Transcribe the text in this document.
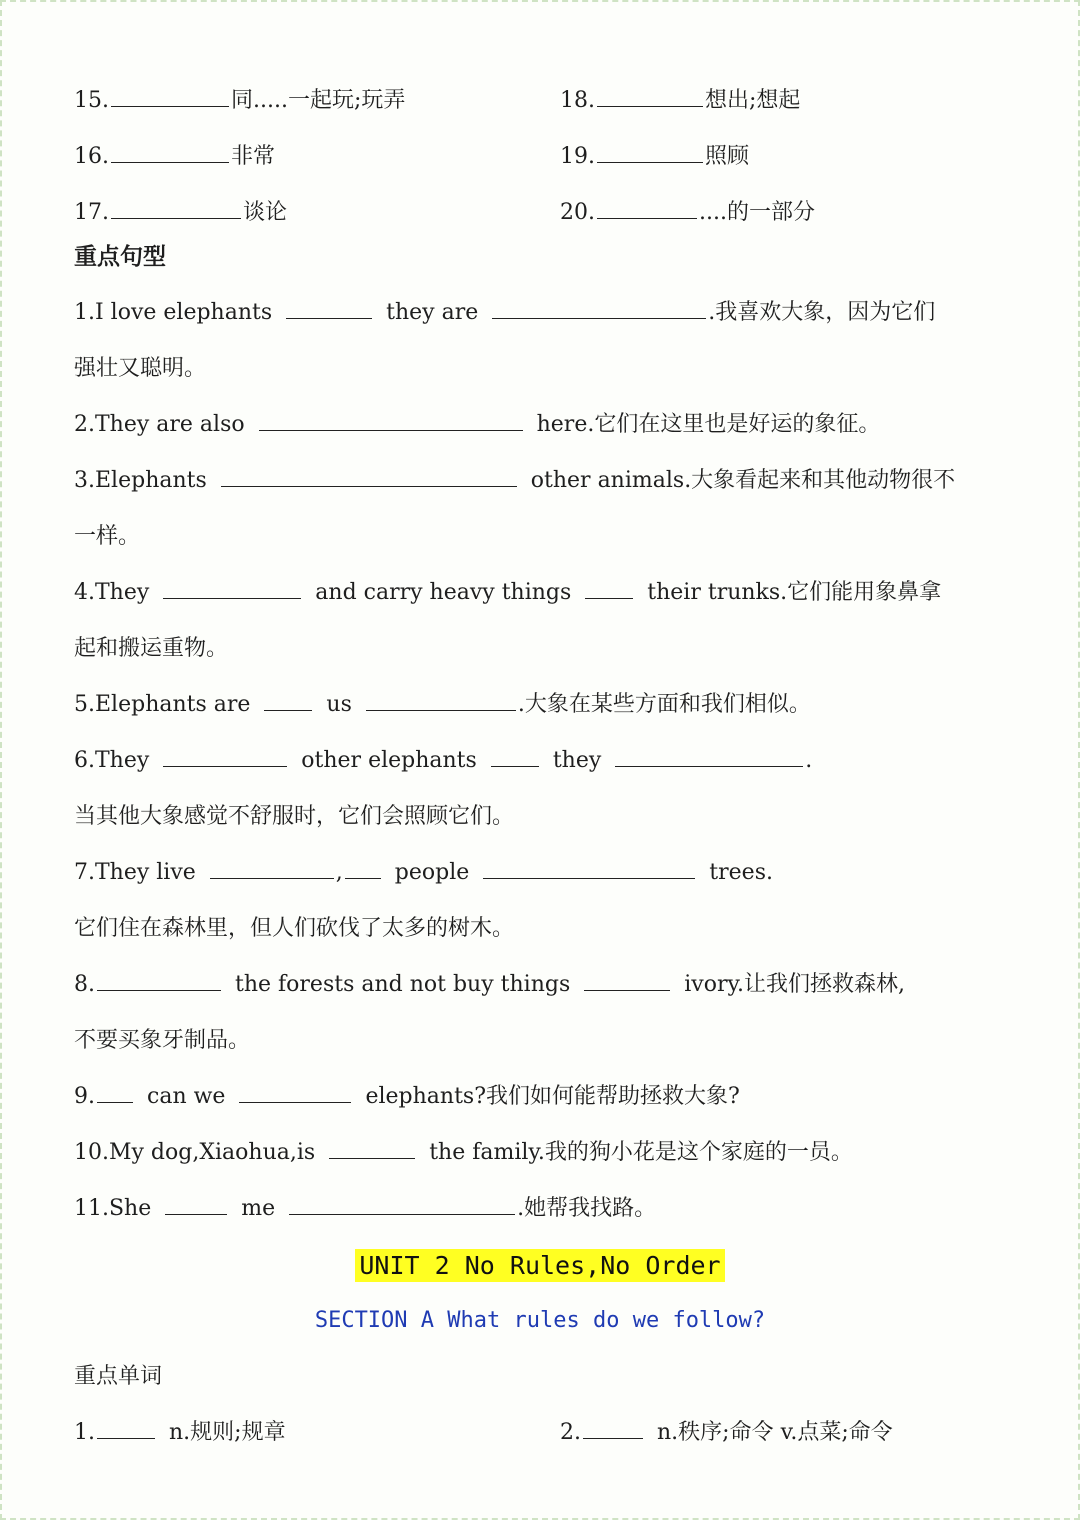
15.	同.....一起玩;玩弄	18.	想出;想起
16.	非常	19.	照顾
17.	谈论	20.	....的一部分
重点句型
1.I love elephants	they are	.我喜欢大象，因为它们
强壮又聪明。
2.They are also	here.它们在这里也是好运的象征。
3.Elephants	other animals.大象看起来和其他动物很不
一样。
4.They	and carry heavy things	their trunks.它们能用象鼻拿
起和搬运重物。
5.Elephants are	us	.大象在某些方面和我们相似。
6.They	other elephants	they	.
当其他大象感觉不舒服时，它们会照顾它们。
7.They live	, people	trees.
它们住在森林里，但人们砍伐了太多的树木。
8.	the forests and not buy things	ivory.让我们拯救森林,
不要买象牙制品。
9. can we	elephants?我们如何能帮助拯救大象?
10.My dog,Xiaohua,is	the family.我的狗小花是这个家庭的一员。
11.She	me	.她帮我找路。
UNIT 2 No Rules,No Order
SECTION A What rules do we follow?
重点单词
1.	n.规则;规章	2.	n.秩序;命令 v.点菜;命令
